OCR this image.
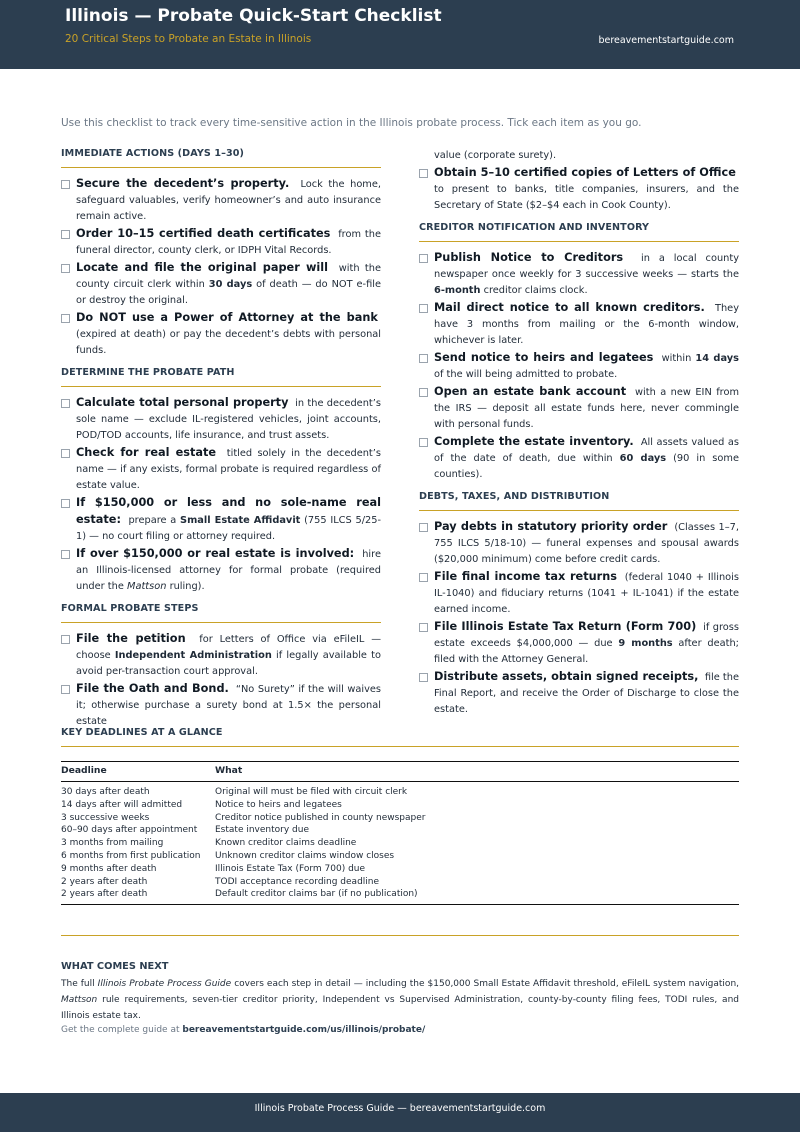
Illinois — Probate Quick-Start Checklist
20 Critical Steps to Probate an Estate in Illinois	bereavementstartguide.com
Use this checklist to track every time-sensitive action in the Illinois probate process. Tick each item as you go.
IMMEDIATE ACTIONS (DAYS 1–30)
Secure the decedent’s property. Lock the home, safeguard valuables, verify homeowner’s and auto insurance remain active.
Order 10–15 certified death certificates from the funeral director, county clerk, or IDPH Vital Records.
Locate and file the original paper will with the county circuit clerk within 30 days of death — do NOT e-file or destroy the original.
Do NOT use a Power of Attorney at the bank  (expired at death) or pay the decedent’s debts with personal funds.
DETERMINE THE PROBATE PATH
Calculate total personal property in the decedent’s sole name — exclude IL-registered vehicles, joint accounts, POD/TOD accounts, life insurance, and trust assets.
Check for real estate titled solely in the decedent’s name — if any exists, formal probate is required regardless of estate value.
If $150,000 or less and no sole-name real estate: prepare a Small Estate Affidavit (755 ILCS 5/25-1) — no court filing or attorney required.
If over $150,000 or real estate is involved: hire an Illinois-licensed attorney for formal probate (required under the Mattson ruling).
FORMAL PROBATE STEPS
File the petition for Letters of Office via eFileIL — choose Independent Administration if legally available to avoid per-transaction court approval.
File the Oath and Bond. “No Surety” if the will waives it; otherwise purchase a surety bond at 1.5× the personal estate
value (corporate surety).
Obtain 5–10 certified copies of Letters of Office  to present to banks, title companies, insurers, and the Secretary of State ($2–$4 each in Cook County).
CREDITOR NOTIFICATION AND INVENTORY
Publish Notice to Creditors in a local county newspaper once weekly for 3 successive weeks — starts the 6-month creditor claims clock.
Mail direct notice to all known creditors. They have 3 months from mailing or the 6-month window, whichever is later.
Send notice to heirs and legatees within 14 days of the will being admitted to probate.
Open an estate bank account with a new EIN from the IRS — deposit all estate funds here, never commingle with personal funds.
Complete the estate inventory. All assets valued as of the date of death, due within 60 days (90 in some counties).
DEBTS, TAXES, AND DISTRIBUTION
Pay debts in statutory priority order (Classes 1–7, 755 ILCS 5/18-10) — funeral expenses and spousal awards ($20,000 minimum) come before credit cards.
File final income tax returns (federal 1040 + Illinois IL-1040) and fiduciary returns (1041 + IL-1041) if the estate earned income.
File Illinois Estate Tax Return (Form 700) if gross estate exceeds $4,000,000 — due 9 months after death; filed with the Attorney General.
Distribute assets, obtain signed receipts, file the Final Report, and receive the Order of Discharge to close the estate.
KEY DEADLINES AT A GLANCE
Deadline	What
30 days after death	Original will must be filed with circuit clerk
14 days after will admitted	Notice to heirs and legatees
3 successive weeks	Creditor notice published in county newspaper
60–90 days after appointment	Estate inventory due
3 months from mailing	Known creditor claims deadline
6 months from first publication	Unknown creditor claims window closes
9 months after death	Illinois Estate Tax (Form 700) due
2 years after death	TODI acceptance recording deadline
2 years after death	Default creditor claims bar (if no publication)
WHAT COMES NEXT
The full Illinois Probate Process Guide covers each step in detail — including the $150,000 Small Estate Affidavit threshold, eFileIL system navigation, Mattson rule requirements, seven-tier creditor priority, Independent vs Supervised Administration, county-by-county filing fees, TODI rules, and Illinois estate tax.
Get the complete guide at bereavementstartguide.com/us/illinois/probate/
Illinois Probate Process Guide — bereavementstartguide.com
